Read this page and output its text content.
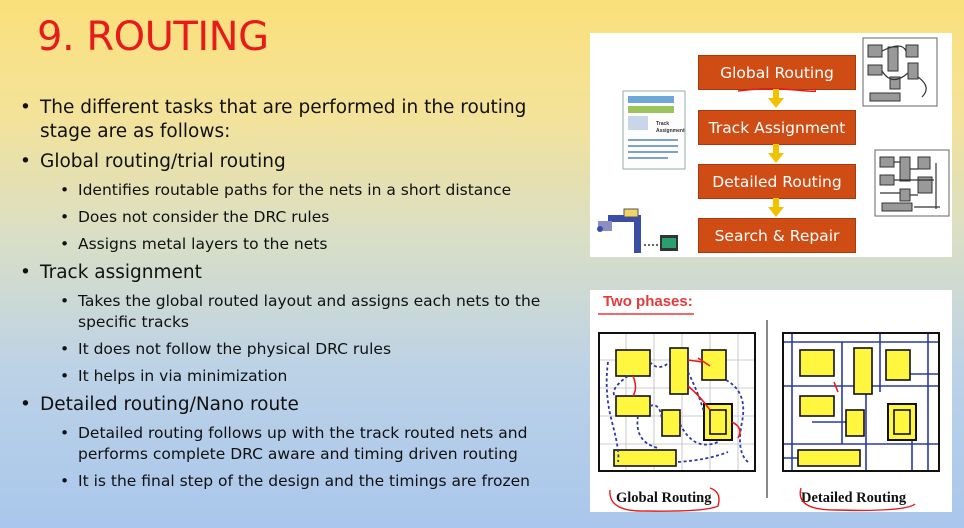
9. ROUTING
• The different tasks that are performed in the routing stage are as follows:
• Global routing/trial routing
• Identifies routable paths for the nets in a short distance
• Does not consider the DRC rules
• Assigns metal layers to the nets
• Track assignment
• Takes the global routed layout and assigns each nets to the specific tracks
• It does not follow the physical DRC rules
• It helps in via minimization
• Detailed routing/Nano route
• Detailed routing follows up with the track routed nets and performs complete DRC aware and timing driven routing
• It is the final step of the design and the timings are frozen
Track
Assignment
Global Routing
Track Assignment
Detailed Routing
Search & Repair
Two phases:
Global Routing	Detailed Routing
